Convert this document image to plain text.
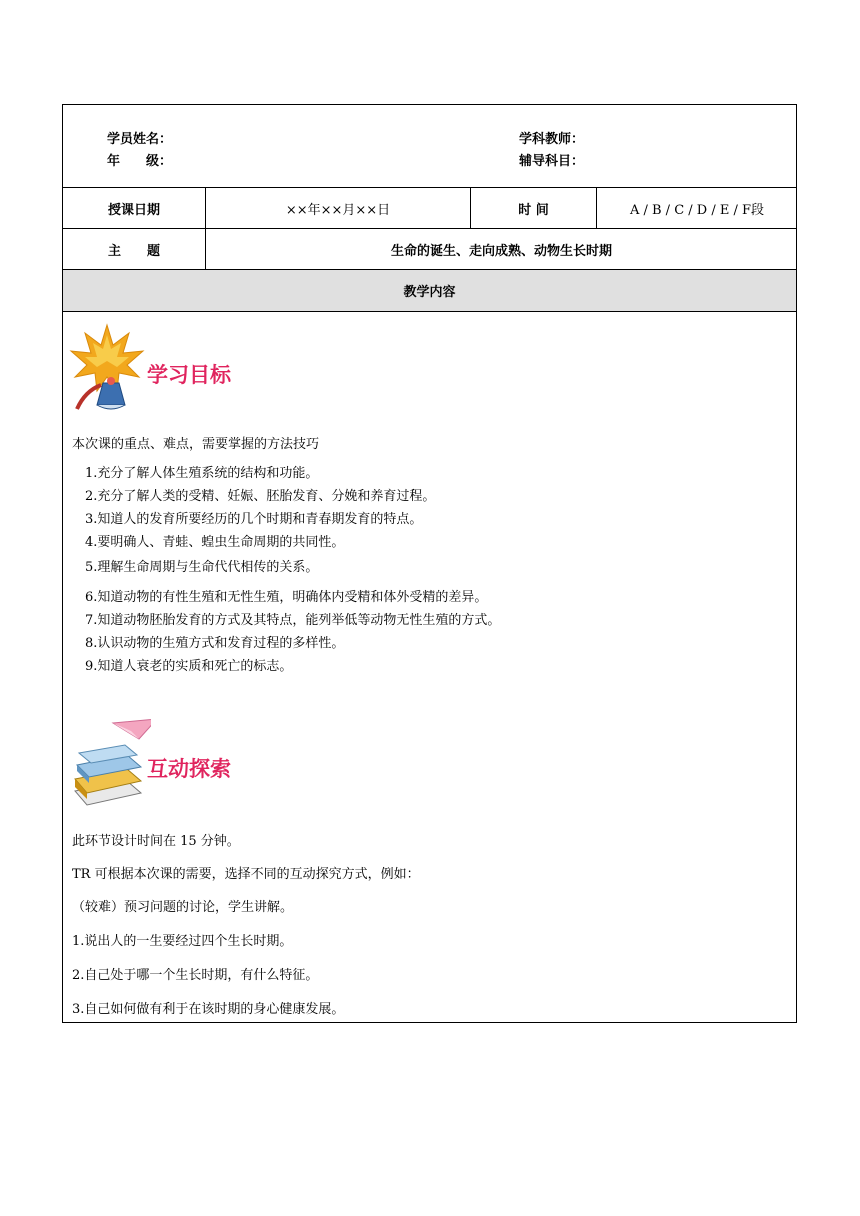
学员姓名：
年　　级：
学科教师：
辅导科目：
授课日期	××年××月××日	时 间	A / B / C / D / E / F段
主　　题	生命的诞生、走向成熟、动物生长时期
教学内容
学习目标
本次课的重点、难点，需要掌握的方法技巧
1.充分了解人体生殖系统的结构和功能。
2.充分了解人类的受精、妊娠、胚胎发育、分娩和养育过程。
3.知道人的发育所要经历的几个时期和青春期发育的特点。
4.要明确人、青蛙、蝗虫生命周期的共同性。
5.理解生命周期与生命代代相传的关系。
6.知道动物的有性生殖和无性生殖，明确体内受精和体外受精的差异。
7.知道动物胚胎发育的方式及其特点，能列举低等动物无性生殖的方式。
8.认识动物的生殖方式和发育过程的多样性。
9.知道人衰老的实质和死亡的标志。
互动探索
此环节设计时间在 15 分钟。
TR 可根据本次课的需要，选择不同的互动探究方式，例如：
（较难）预习问题的讨论，学生讲解。
1.说出人的一生要经过四个生长时期。
2.自己处于哪一个生长时期，有什么特征。
3.自己如何做有利于在该时期的身心健康发展。
